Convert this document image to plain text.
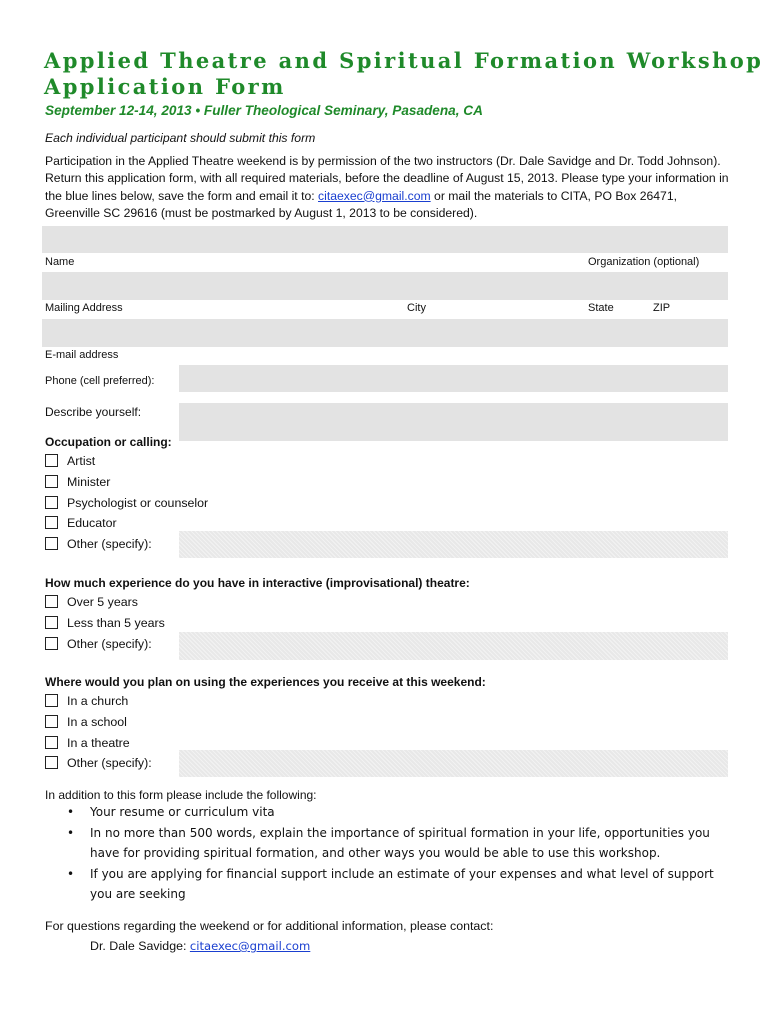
Applied Theatre and Spiritual Formation Workshop
Application Form
September 12-14, 2013 • Fuller Theological Seminary, Pasadena, CA
Each individual participant should submit this form
Participation in the Applied Theatre weekend is by permission of the two instructors (Dr. Dale Savidge and Dr. Todd Johnson). Return this application form, with all required materials, before the deadline of August 15, 2013. Please type your information in the blue lines below, save the form and email it to: citaexec@gmail.com or mail the materials to CITA, PO Box 26471, Greenville SC 29616 (must be postmarked by August 1, 2013 to be considered).
Name	Organization (optional)
Mailing Address	City	State	ZIP
E-mail address
Phone (cell preferred):
Describe yourself:
Occupation or calling:
Artist
Minister
Psychologist or counselor
Educator
Other (specify):
How much experience do you have in interactive (improvisational) theatre:
Over 5 years
Less than 5 years
Other (specify):
Where would you plan on using the experiences you receive at this weekend:
In a church
In a school
In a theatre
Other (specify):
In addition to this form please include the following:
• Your resume or curriculum vita
• In no more than 500 words, explain the importance of spiritual formation in your life, opportunities you have for providing spiritual formation, and other ways you would be able to use this workshop.
• If you are applying for financial support include an estimate of your expenses and what level of support you are seeking
For questions regarding the weekend or for additional information, please contact:
Dr. Dale Savidge: citaexec@gmail.com
